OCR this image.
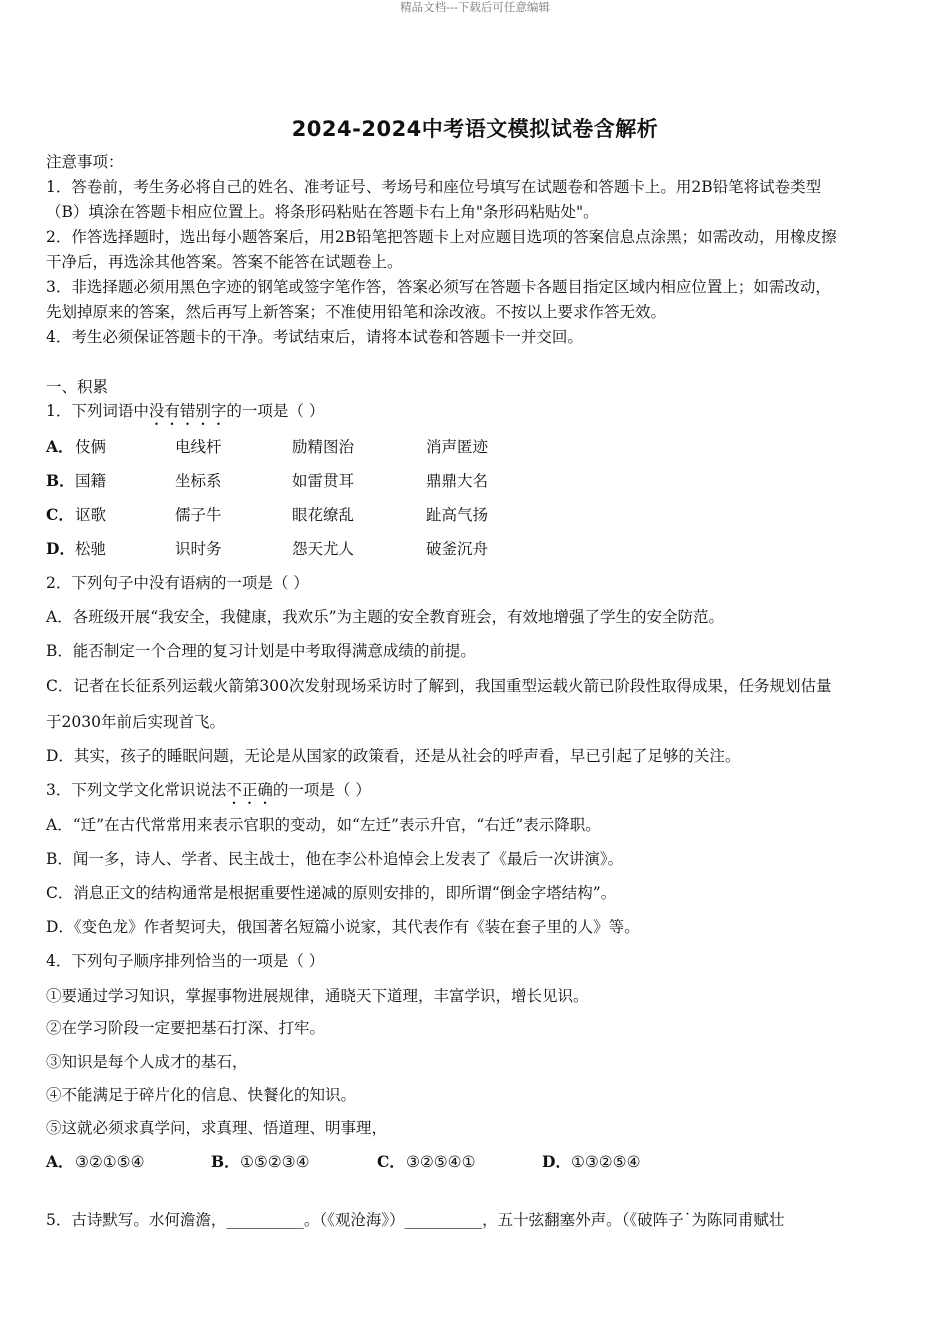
精品文档---下载后可任意编辑
2024-2024中考语文模拟试卷含解析
注意事项：
1．答卷前，考生务必将自己的姓名、准考证号、考场号和座位号填写在试题卷和答题卡上。用2B铅笔将试卷类型
（B）填涂在答题卡相应位置上。将条形码粘贴在答题卡右上角"条形码粘贴处"。
2．作答选择题时，选出每小题答案后，用2B铅笔把答题卡上对应题目选项的答案信息点涂黑；如需改动，用橡皮擦
干净后，再选涂其他答案。答案不能答在试题卷上。
3．非选择题必须用黑色字迹的钢笔或签字笔作答，答案必须写在答题卡各题目指定区域内相应位置上；如需改动，
先划掉原来的答案，然后再写上新答案；不准使用铅笔和涂改液。不按以上要求作答无效。
4．考生必须保证答题卡的干净。考试结束后，请将本试卷和答题卡一并交回。
一、积累
1．下列词语中没有错别字的一项是（ ）
A． 伎俩	电线杆	励精图治	消声匿迹
B． 国籍	坐标系	如雷贯耳	鼎鼎大名
C． 讴歌	儒子牛	眼花缭乱	趾高气扬
D． 松驰	识时务	怨天尤人	破釜沉舟
2．下列句子中没有语病的一项是（ ）
A．各班级开展“我安全，我健康，我欢乐”为主题的安全教育班会，有效地增强了学生的安全防范。
B．能否制定一个合理的复习计划是中考取得满意成绩的前提。
C．记者在长征系列运载火箭第300次发射现场采访时了解到，我国重型运载火箭已阶段性取得成果，任务规划估量
于2030年前后实现首飞。
D．其实，孩子的睡眠问题，无论是从国家的政策看，还是从社会的呼声看，早已引起了足够的关注。
3．下列文学文化常识说法不正确的一项是（ ）
A．“迁”在古代常常用来表示官职的变动，如“左迁”表示升官，“右迁”表示降职。
B．闻一多，诗人、学者、民主战士，他在李公朴追悼会上发表了《最后一次讲演》。
C．消息正文的结构通常是根据重要性递减的原则安排的，即所谓“倒金字塔结构”。
D．《变色龙》作者契诃夫，俄国著名短篇小说家，其代表作有《装在套子里的人》等。
4．下列句子顺序排列恰当的一项是（ ）
①要通过学习知识，掌握事物进展规律，通晓天下道理，丰富学识，增长见识。
②在学习阶段一定要把基石打深、打牢。
③知识是每个人成才的基石，
④不能满足于碎片化的信息、快餐化的知识。
⑤这就必须求真学问，求真理、悟道理、明事理，
A． ③②①⑤④	B． ①⑤②③④	C． ③②⑤④①	D． ①③②⑤④
5．古诗默写。水何澹澹，__________。（《观沧海》）__________，五十弦翻塞外声。（《破阵子˙为陈同甫赋壮
